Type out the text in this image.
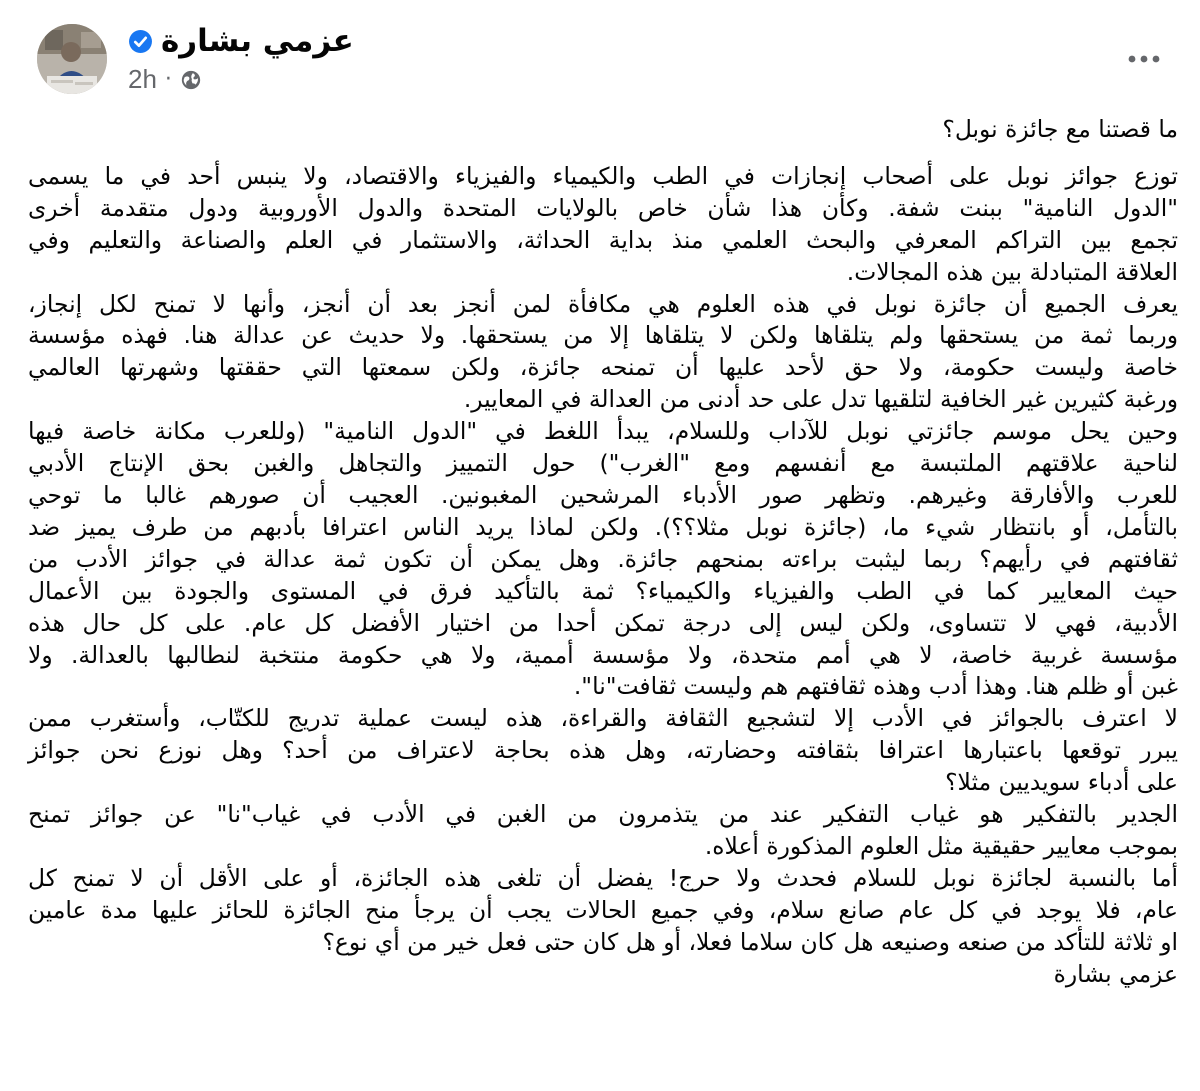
عزمي بشارة
2h ·
ما قصتنا مع جائزة نوبل؟
توزع جوائز نوبل على أصحاب إنجازات في الطب والكيمياء والفيزياء والاقتصاد، ولا ينبس أحد في ما يسمى
"الدول النامية" ببنت شفة. وكأن هذا شأن خاص بالولايات المتحدة والدول الأوروبية ودول متقدمة أخرى
تجمع بين التراكم المعرفي والبحث العلمي منذ بداية الحداثة، والاستثمار في العلم والصناعة والتعليم وفي
العلاقة المتبادلة بين هذه المجالات.
يعرف الجميع أن جائزة نوبل في هذه العلوم هي مكافأة لمن أنجز بعد أن أنجز، وأنها لا تمنح لكل إنجاز،
وربما ثمة من يستحقها ولم يتلقاها ولكن لا يتلقاها إلا من يستحقها. ولا حديث عن عدالة هنا. فهذه مؤسسة
خاصة وليست حكومة، ولا حق لأحد عليها أن تمنحه جائزة، ولكن سمعتها التي حققتها وشهرتها العالمي
ورغبة كثيرين غير الخافية لتلقيها تدل على حد أدنى من العدالة في المعايير.
وحين يحل موسم جائزتي نوبل للآداب وللسلام، يبدأ اللغط في "الدول النامية" (وللعرب مكانة خاصة فيها
لناحية علاقتهم الملتبسة مع أنفسهم ومع "الغرب") حول التمييز والتجاهل والغبن بحق الإنتاج الأدبي
للعرب والأفارقة وغيرهم. وتظهر صور الأدباء المرشحين المغبونين. العجيب أن صورهم غالبا ما توحي
بالتأمل، أو بانتظار شيء ما، (جائزة نوبل مثلا؟؟). ولكن لماذا يريد الناس اعترافا بأدبهم من طرف يميز ضد
ثقافتهم في رأيهم؟ ربما ليثبت براءته بمنحهم جائزة. وهل يمكن أن تكون ثمة عدالة في جوائز الأدب من
حيث المعايير كما في الطب والفيزياء والكيمياء؟ ثمة بالتأكيد فرق في المستوى والجودة بين الأعمال
الأدبية، فهي لا تتساوى، ولكن ليس إلى درجة تمكن أحدا من اختيار الأفضل كل عام. على كل حال هذه
مؤسسة غربية خاصة، لا هي أمم متحدة، ولا مؤسسة أممية، ولا هي حكومة منتخبة لنطالبها بالعدالة. ولا
غبن أو ظلم هنا. وهذا أدب وهذه ثقافتهم هم وليست ثقافت"نا".
لا اعترف بالجوائز في الأدب إلا لتشجيع الثقافة والقراءة، هذه ليست عملية تدريج للكتّاب، وأستغرب ممن
يبرر توقعها باعتبارها اعترافا بثقافته وحضارته، وهل هذه بحاجة لاعتراف من أحد؟ وهل نوزع نحن جوائز
على أدباء سويديين مثلا؟
الجدير بالتفكير هو غياب التفكير عند من يتذمرون من الغبن في الأدب في غياب"نا" عن جوائز تمنح
بموجب معايير حقيقية مثل العلوم المذكورة أعلاه.
أما بالنسبة لجائزة نوبل للسلام فحدث ولا حرج! يفضل أن تلغى هذه الجائزة، أو على الأقل أن لا تمنح كل
عام، فلا يوجد في كل عام صانع سلام، وفي جميع الحالات يجب أن يرجأ منح الجائزة للحائز عليها مدة عامين
او ثلاثة للتأكد من صنعه وصنيعه هل كان سلاما فعلا، أو هل كان حتى فعل خير من أي نوع؟
عزمي بشارة
